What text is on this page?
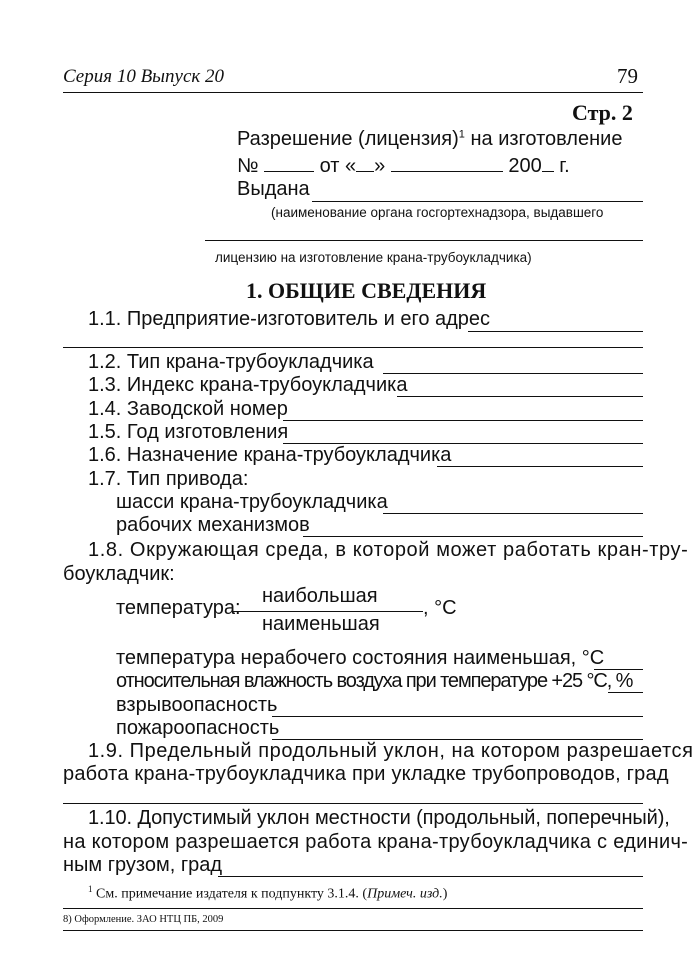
Серия 10 Выпуск 20	79
Стр. 2
Разрешение (лицензия)$^1$ на изготовление
№	от « »	200 г.
Выдана
(наименование органа госгортехнадзора, выдавшего
лицензию на изготовление крана-трубоукладчика)
1. ОБЩИЕ СВЕДЕНИЯ
1.1. Предприятие-изготовитель и его адрес
1.2. Тип крана-трубоукладчика
1.3. Индекс крана-трубоукладчика
1.4. Заводской номер
1.5. Год изготовления
1.6. Назначение крана-трубоукладчика
1.7. Тип привода:
шасси крана-трубоукладчика
рабочих механизмов
1.8. Окружающая среда, в которой может работать кран-тру-
боукладчик:
температура:
наибольшая
наименьшая
, °С
температура нерабочего состояния наименьшая, °С
относительная влажность воздуха при температуре +25 °С, %
взрывоопасность
пожароопасность
1.9. Предельный продольный уклон, на котором разрешается
работа крана-трубоукладчика при укладке трубопроводов, град
1.10. Допустимый уклон местности (продольный, поперечный),
на котором разрешается работа крана-трубоукладчика с единич-
ным грузом, град
$^1$ См. примечание издателя к подпункту 3.1.4. (Примеч. изд.)
8) Оформление. ЗАО НТЦ ПБ, 2009
